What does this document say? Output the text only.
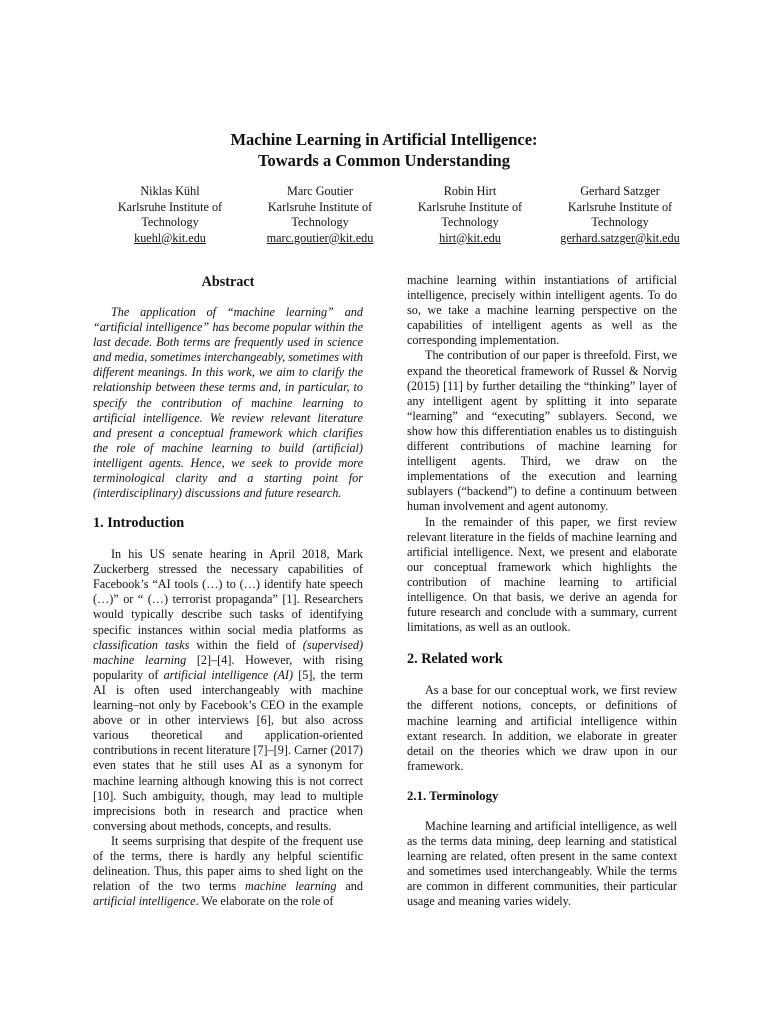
Machine Learning in Artificial Intelligence:
Towards a Common Understanding
Niklas Kühl
Karlsruhe Institute of
Technology
kuehl@kit.edu
Marc Goutier
Karlsruhe Institute of
Technology
marc.goutier@kit.edu
Robin Hirt
Karlsruhe Institute of
Technology
hirt@kit.edu
Gerhard Satzger
Karlsruhe Institute of
Technology
gerhard.satzger@kit.edu
Abstract

The application of “machine learning” and “artificial intelligence” has become popular within the last decade. Both terms are frequently used in science and media, sometimes interchangeably, sometimes with different meanings. In this work, we aim to clarify the relationship between these terms and, in particular, to specify the contribution of machine learning to artificial intelligence. We review relevant literature and present a conceptual framework which clarifies the role of machine learning to build (artificial) intelligent agents. Hence, we seek to provide more terminological clarity and a starting point for (interdisciplinary) discussions and future research.

1. Introduction

In his US senate hearing in April 2018, Mark Zuckerberg stressed the necessary capabilities of Facebook’s “AI tools (…) to (…) identify hate speech (…)” or “ (…) terrorist propaganda” [1]. Researchers would typically describe such tasks of identifying specific instances within social media platforms as classification tasks within the field of (supervised) machine learning [2]–[4]. However, with rising popularity of artificial intelligence (AI) [5], the term AI is often used interchangeably with machine learning–not only by Facebook’s CEO in the example above or in other interviews [6], but also across various theoretical and application-oriented contributions in recent literature [7]–[9]. Carner (2017) even states that he still uses AI as a synonym for machine learning although knowing this is not correct [10]. Such ambiguity, though, may lead to multiple imprecisions both in research and practice when conversing about methods, concepts, and results.

It seems surprising that despite of the frequent use of the terms, there is hardly any helpful scientific delineation. Thus, this paper aims to shed light on the relation of the two terms machine learning and artificial intelligence. We elaborate on the role of

machine learning within instantiations of artificial intelligence, precisely within intelligent agents. To do so, we take a machine learning perspective on the capabilities of intelligent agents as well as the corresponding implementation.

The contribution of our paper is threefold. First, we expand the theoretical framework of Russel & Norvig (2015) [11] by further detailing the “thinking” layer of any intelligent agent by splitting it into separate “learning” and “executing” sublayers. Second, we show how this differentiation enables us to distinguish different contributions of machine learning for intelligent agents. Third, we draw on the implementations of the execution and learning sublayers (“backend”) to define a continuum between human involvement and agent autonomy.

In the remainder of this paper, we first review relevant literature in the fields of machine learning and artificial intelligence. Next, we present and elaborate our conceptual framework which highlights the contribution of machine learning to artificial intelligence. On that basis, we derive an agenda for future research and conclude with a summary, current limitations, as well as an outlook.

2. Related work

As a base for our conceptual work, we first review the different notions, concepts, or definitions of machine learning and artificial intelligence within extant research. In addition, we elaborate in greater detail on the theories which we draw upon in our framework.

2.1. Terminology

Machine learning and artificial intelligence, as well as the terms data mining, deep learning and statistical learning are related, often present in the same context and sometimes used interchangeably. While the terms are common in different communities, their particular usage and meaning varies widely.
